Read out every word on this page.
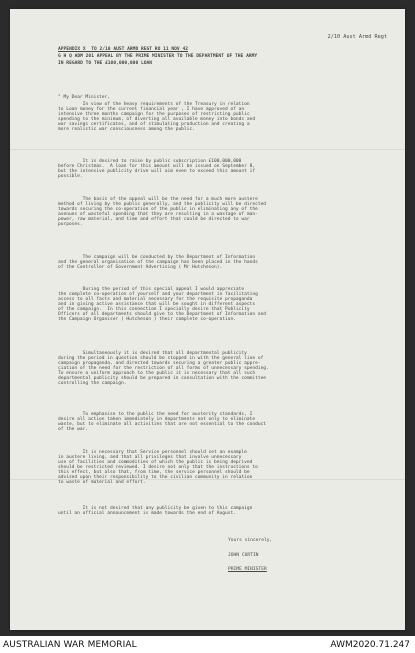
2/10 Aust Armd Regt
APPENDIX X  TO 2/10 AUST ARMD REGT RO 11 NOV 42
G H Q ADM 201 APPEAL BY THE PRIME MINISTER TO THE DEPARTMENT OF THE ARMY
IN REGARD TO THE £100,000,000 LOAN
" My Dear Minister,
In view of the heavy requirements of the Treasury in relation
to Loan money for the current financial year , I have approved of an
intensive three months campaign for the purposes of restricting public
spending to the minimum, of diverting all available money into bonds and
war savings certificates, and of stimulating production and creating a
more realistic war consciousness among the public.
It is desired to raise by public subscription £100,000,000
before Christmas.  A loan for this amount will be issued on September 8,
but the intensive publicity drive will aim even to exceed this amount if
possible.
The basis of the appeal will be the need for a much more austere
method of living by the public generally, and the publicity will be directed
towards securing the co-operation of the public in eliminating any of the
avenues of wasteful spending that they are resulting in a wastage of man-
power, raw material, and time and effort that could be directed to war
purposes.
The campaign will be conducted by the Department of Information
and the general organisation of the campaign has been placed in the hands
of the Controller of Government Advertising ( Mr Hutcheson).
During the period of this special appeal I would appreciate
the complete co-operation of yourself and your department in facilitating
access to all facts and material necessary for the requisite propaganda
and in giving active assistance that will be sought in different aspects
of the campaign.  In this connection I specially desire that Publicity
Officers of all departments should give to the Department of Information and
the Campaign Organiser ( Hutcheson ) their complete co-operation.
Simultaneously it is desired that all departmental publicity
during the period in question should be stopped in with the general line of
campaign propaganda, and directed towards securing a greater public appre-
ciation of the need for the restriction of all forms of unnecessary spending.
To ensure a uniform approach to the public it is necessary that all such
departmental publicity should be prepared in consultation with the committee
controlling the campaign.
To emphasise to the public the need for austerity standards, I
desire all action taken immediately in departments not only to eliminate
waste, but to eliminate all activities that are not essential to the conduct
of the war.
It is necessary that Service personnel should set an example
in austere living, and that all privileges that involve unnecessary
use of facilities and commodities of which the public is being deprived
should be restricted reviewed. I desire not only that the instructions to
this effect, but also that, from time, the service personnel should be
advised upon their responsibility to the civilian community in relation
to waste of material and effort.
It is not desired that any publicity be given to this campaign
until an official announcement is made towards the end of August.
Yours sincerely,
JOHN CURTIN
PRIME MINISTER
AUSTRALIAN WAR MEMORIAL	AWM2020.71.247
